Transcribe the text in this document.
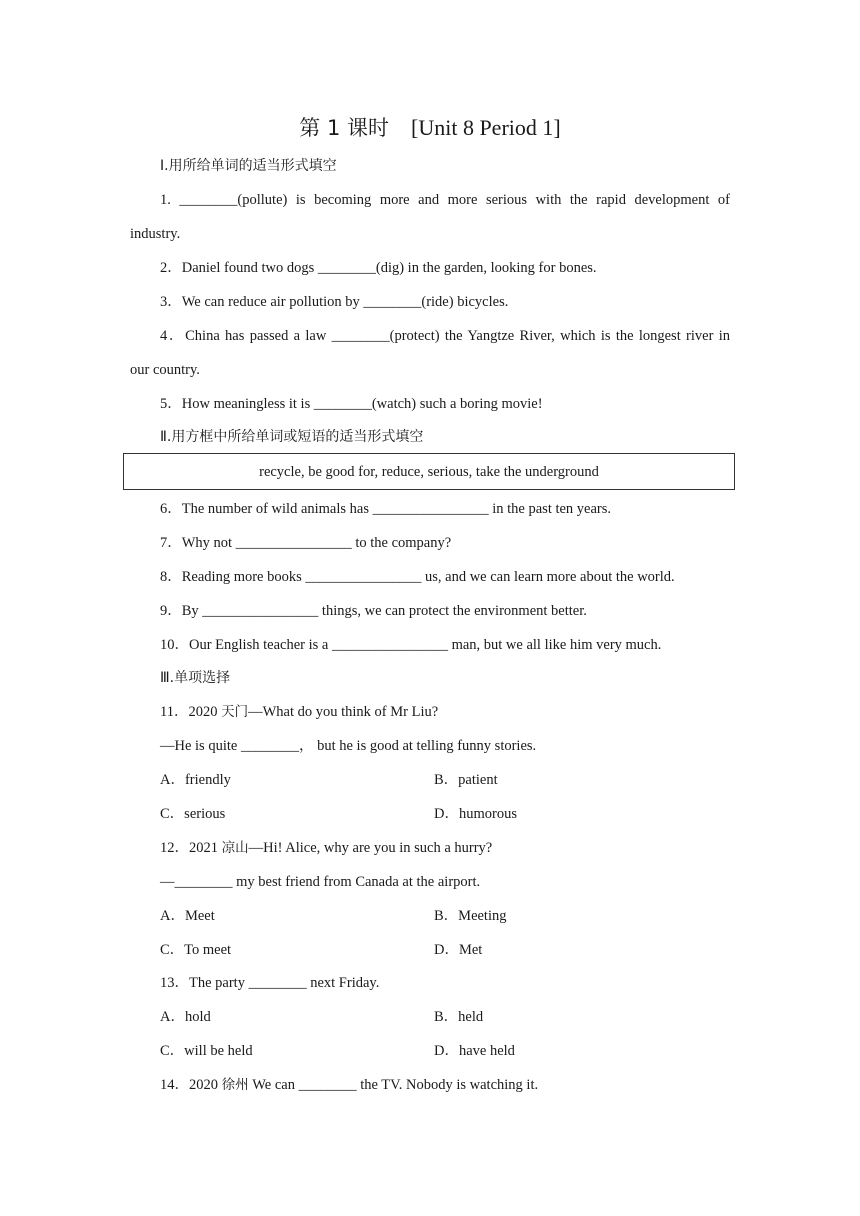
第 1 课时 [Unit 8 Period 1]
Ⅰ.用所给单词的适当形式填空
1. ________(pollute) is becoming more and more serious with the rapid development of
industry.
2．Daniel found two dogs ________(dig) in the garden, looking for bones.
3．We can reduce air pollution by ________(ride) bicycles.
4．China has passed a law ________(protect) the Yangtze River, which is the longest river in
our country.
5．How meaningless it is ________(watch) such a boring movie!
Ⅱ.用方框中所给单词或短语的适当形式填空
recycle, be good for, reduce, serious, take the underground
6．The number of wild animals has ________________ in the past ten years.
7．Why not ________________ to the company?
8．Reading more books ________________ us, and we can learn more about the world.
9．By ________________ things, we can protect the environment better.
10．Our English teacher is a ________________ man, but we all like him very much.
Ⅲ.单项选择
11．2020 天门—What do you think of Mr Liu?
—He is quite ________， but he is good at telling funny stories.
A．friendly	B．patient
C．serious	D．humorous
12．2021 凉山—Hi! Alice, why are you in such a hurry?
—________ my best friend from Canada at the airport.
A．Meet	B．Meeting
C．To meet	D．Met
13．The party ________ next Friday.
A．hold	B．held
C．will be held	D．have held
14．2020 徐州 We can ________ the TV. Nobody is watching it.
